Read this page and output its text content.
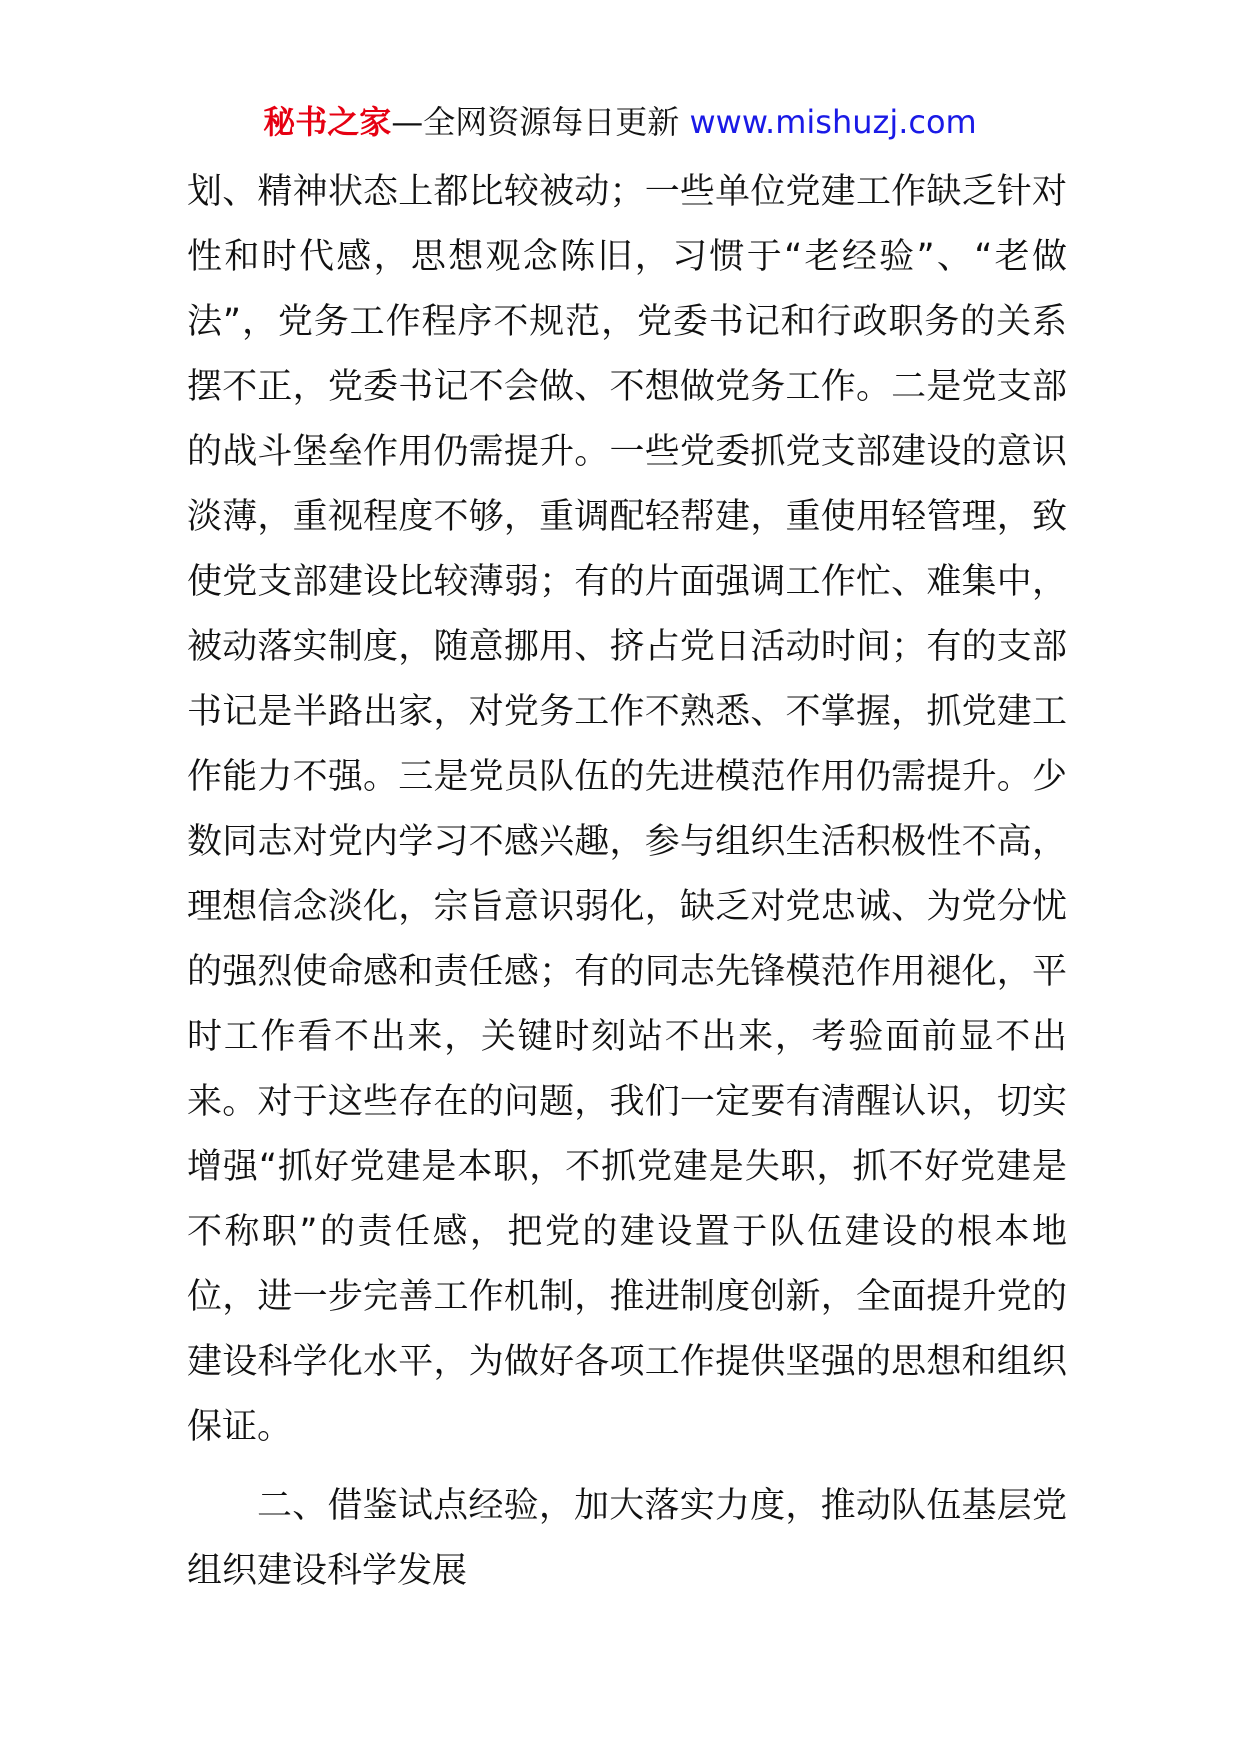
秘书之家—全网资源每日更新 www.mishuzj.com
划、精神状态上都比较被动；一些单位党建工作缺乏针对
性和时代感，思想观念陈旧，习惯于“老经验”、“老做
法”，党务工作程序不规范，党委书记和行政职务的关系
摆不正，党委书记不会做、不想做党务工作。二是党支部
的战斗堡垒作用仍需提升。一些党委抓党支部建设的意识
淡薄，重视程度不够，重调配轻帮建，重使用轻管理，致
使党支部建设比较薄弱；有的片面强调工作忙、难集中，
被动落实制度，随意挪用、挤占党日活动时间；有的支部
书记是半路出家，对党务工作不熟悉、不掌握，抓党建工
作能力不强。三是党员队伍的先进模范作用仍需提升。少
数同志对党内学习不感兴趣，参与组织生活积极性不高，
理想信念淡化，宗旨意识弱化，缺乏对党忠诚、为党分忧
的强烈使命感和责任感；有的同志先锋模范作用褪化，平
时工作看不出来，关键时刻站不出来，考验面前显不出
来。对于这些存在的问题，我们一定要有清醒认识，切实
增强“抓好党建是本职，不抓党建是失职，抓不好党建是
不称职”的责任感，把党的建设置于队伍建设的根本地
位，进一步完善工作机制，推进制度创新，全面提升党的
建设科学化水平，为做好各项工作提供坚强的思想和组织
保证。
二、借鉴试点经验，加大落实力度，推动队伍基层党
组织建设科学发展
